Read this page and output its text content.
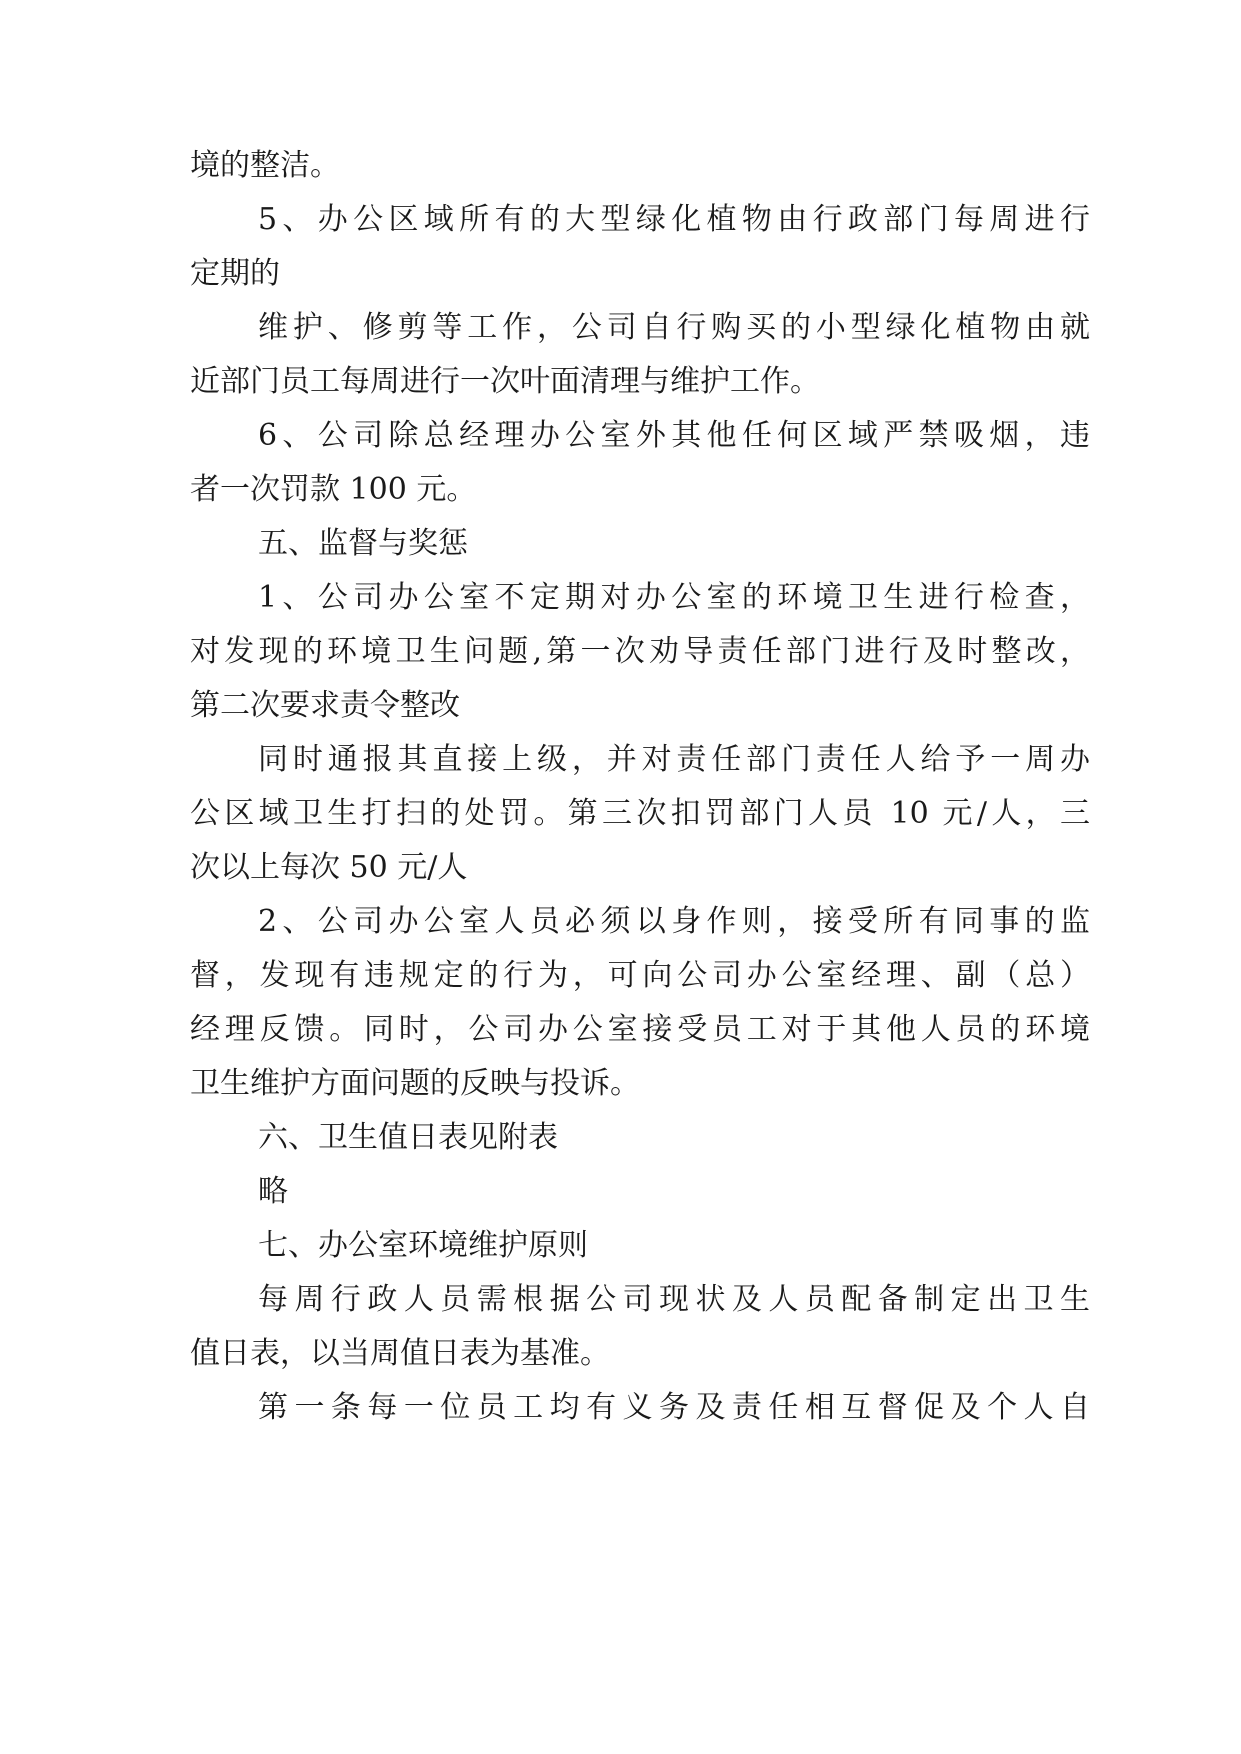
境的整洁。
5、办公区域所有的大型绿化植物由行政部门每周进行
定期的
维护、修剪等工作，公司自行购买的小型绿化植物由就
近部门员工每周进行一次叶面清理与维护工作。
6、公司除总经理办公室外其他任何区域严禁吸烟，违
者一次罚款 100 元。
五、监督与奖惩
1、公司办公室不定期对办公室的环境卫生进行检查，
对发现的环境卫生问题,第一次劝导责任部门进行及时整改，
第二次要求责令整改
同时通报其直接上级，并对责任部门责任人给予一周办
公区域卫生打扫的处罚。第三次扣罚部门人员 10 元/人，三
次以上每次 50 元/人
2、公司办公室人员必须以身作则，接受所有同事的监
督，发现有违规定的行为，可向公司办公室经理、副（总）
经理反馈。同时，公司办公室接受员工对于其他人员的环境
卫生维护方面问题的反映与投诉。
六、卫生值日表见附表
略
七、办公室环境维护原则
每周行政人员需根据公司现状及人员配备制定出卫生
值日表，以当周值日表为基准。
第一条每一位员工均有义务及责任相互督促及个人自
